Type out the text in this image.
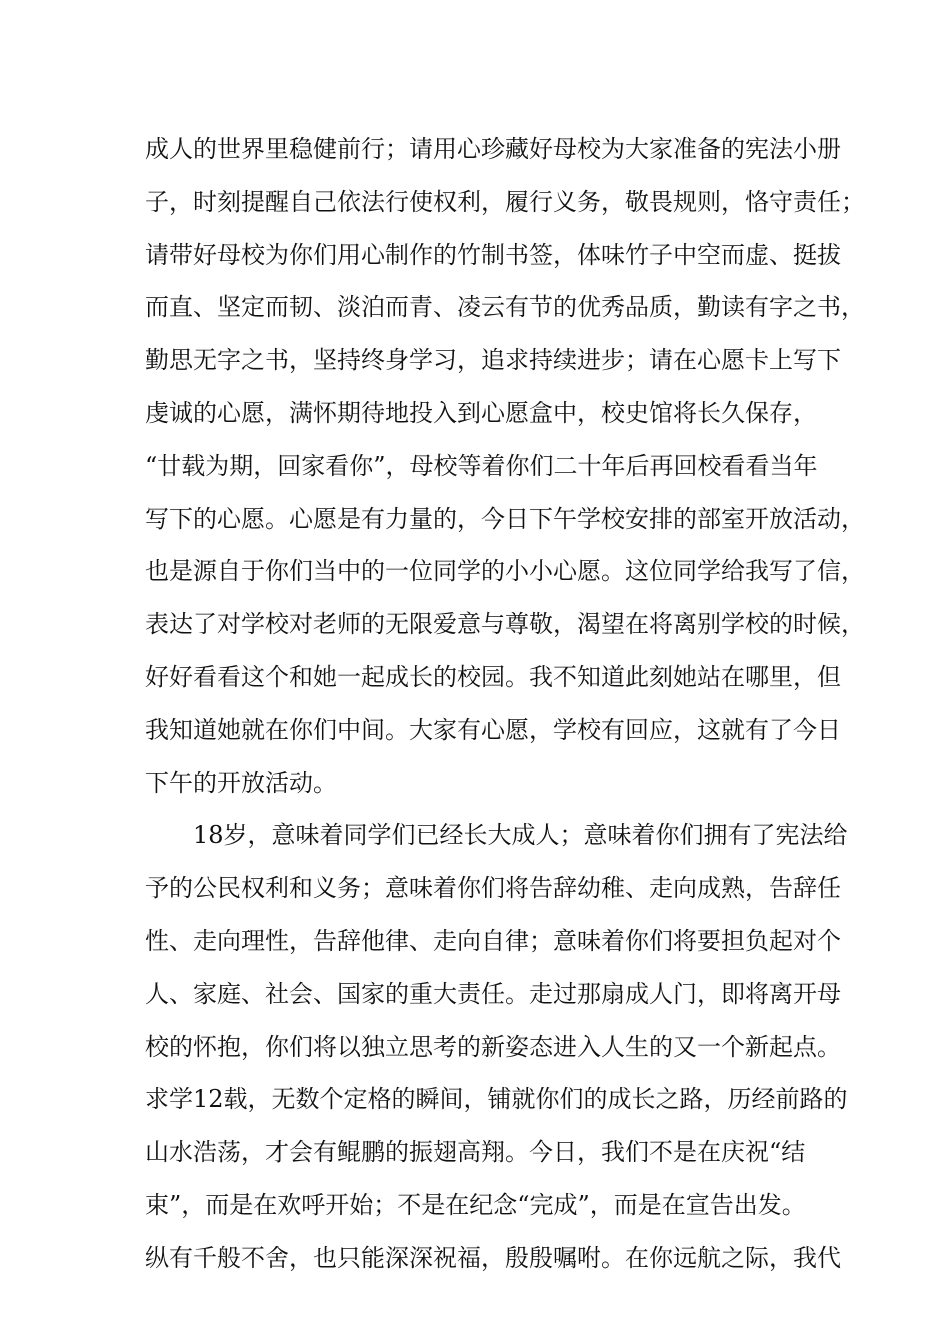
成人的世界里稳健前行；请用心珍藏好母校为大家准备的宪法小册
子，时刻提醒自己依法行使权利，履行义务，敬畏规则，恪守责任；
请带好母校为你们用心制作的竹制书签，体味竹子中空而虚、挺拔
而直、坚定而韧、淡泊而青、凌云有节的优秀品质，勤读有字之书，
勤思无字之书，坚持终身学习，追求持续进步；请在心愿卡上写下
虔诚的心愿，满怀期待地投入到心愿盒中，校史馆将长久保存，
“廿载为期，回家看你”，母校等着你们二十年后再回校看看当年
写下的心愿。心愿是有力量的，今日下午学校安排的部室开放活动，
也是源自于你们当中的一位同学的小小心愿。这位同学给我写了信，
表达了对学校对老师的无限爱意与尊敬，渴望在将离别学校的时候，
好好看看这个和她一起成长的校园。我不知道此刻她站在哪里，但
我知道她就在你们中间。大家有心愿，学校有回应，这就有了今日
下午的开放活动。
18岁，意味着同学们已经长大成人；意味着你们拥有了宪法给
予的公民权利和义务；意味着你们将告辞幼稚、走向成熟，告辞任
性、走向理性，告辞他律、走向自律；意味着你们将要担负起对个
人、家庭、社会、国家的重大责任。走过那扇成人门，即将离开母
校的怀抱，你们将以独立思考的新姿态进入人生的又一个新起点。
求学12载，无数个定格的瞬间，铺就你们的成长之路，历经前路的
山水浩荡，才会有鲲鹏的振翅高翔。今日，我们不是在庆祝“结
束”，而是在欢呼开始；不是在纪念“完成”，而是在宣告出发。
纵有千般不舍，也只能深深祝福，殷殷嘱咐。在你远航之际，我代
